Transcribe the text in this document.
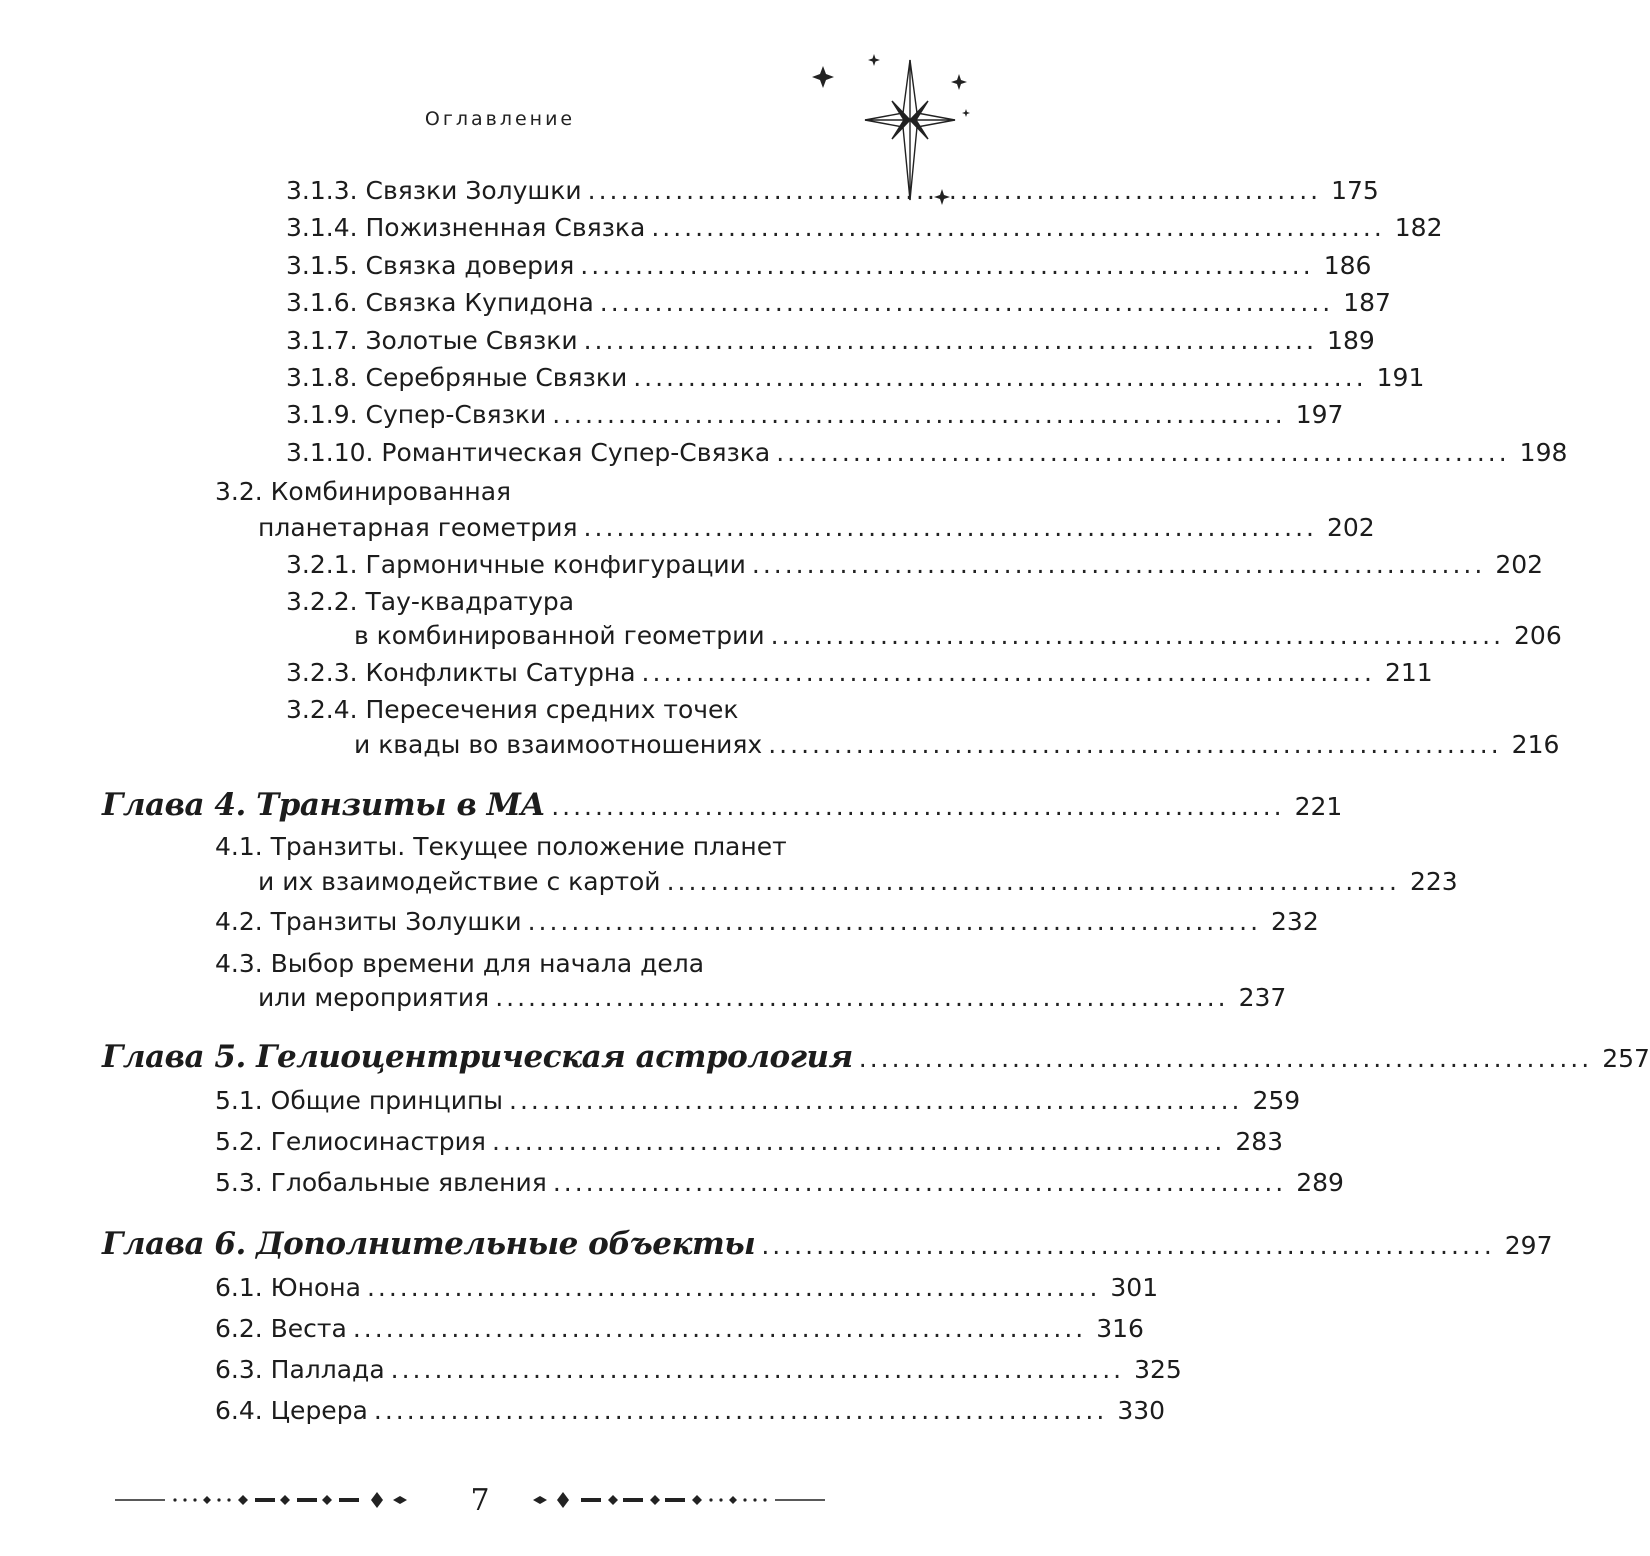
Оглавление
3.1.3. Связки Золушки ................................................................... 175
3.1.4. Пожизненная Связка ................................................................... 182
3.1.5. Связка доверия ................................................................... 186
3.1.6. Связка Купидона ................................................................... 187
3.1.7. Золотые Связки ................................................................... 189
3.1.8. Серебряные Связки ................................................................... 191
3.1.9. Супер-Связки ................................................................... 197
3.1.10. Романтическая Супер-Связка ................................................................... 198
3.2. Комбинированная
планетарная геометрия ................................................................... 202
3.2.1. Гармоничные конфигурации ................................................................... 202
3.2.2. Тау-квадратура
в комбинированной геометрии ................................................................... 206
3.2.3. Конфликты Сатурна ................................................................... 211
3.2.4. Пересечения средних точек
и квады во взаимоотношениях ................................................................... 216
Глава 4. Транзиты в МА ................................................................... 221
4.1. Транзиты. Текущее положение планет
и их взаимодействие с картой ................................................................... 223
4.2. Транзиты Золушки ................................................................... 232
4.3. Выбор времени для начала дела
или мероприятия ................................................................... 237
Глава 5. Гелиоцентрическая астрология ................................................................... 257
5.1. Общие принципы ................................................................... 259
5.2. Гелиосинастрия ................................................................... 283
5.3. Глобальные явления ................................................................... 289
Глава 6. Дополнительные объекты ................................................................... 297
6.1. Юнона ................................................................... 301
6.2. Веста ................................................................... 316
6.3. Паллада ................................................................... 325
6.4. Церера ................................................................... 330
7
